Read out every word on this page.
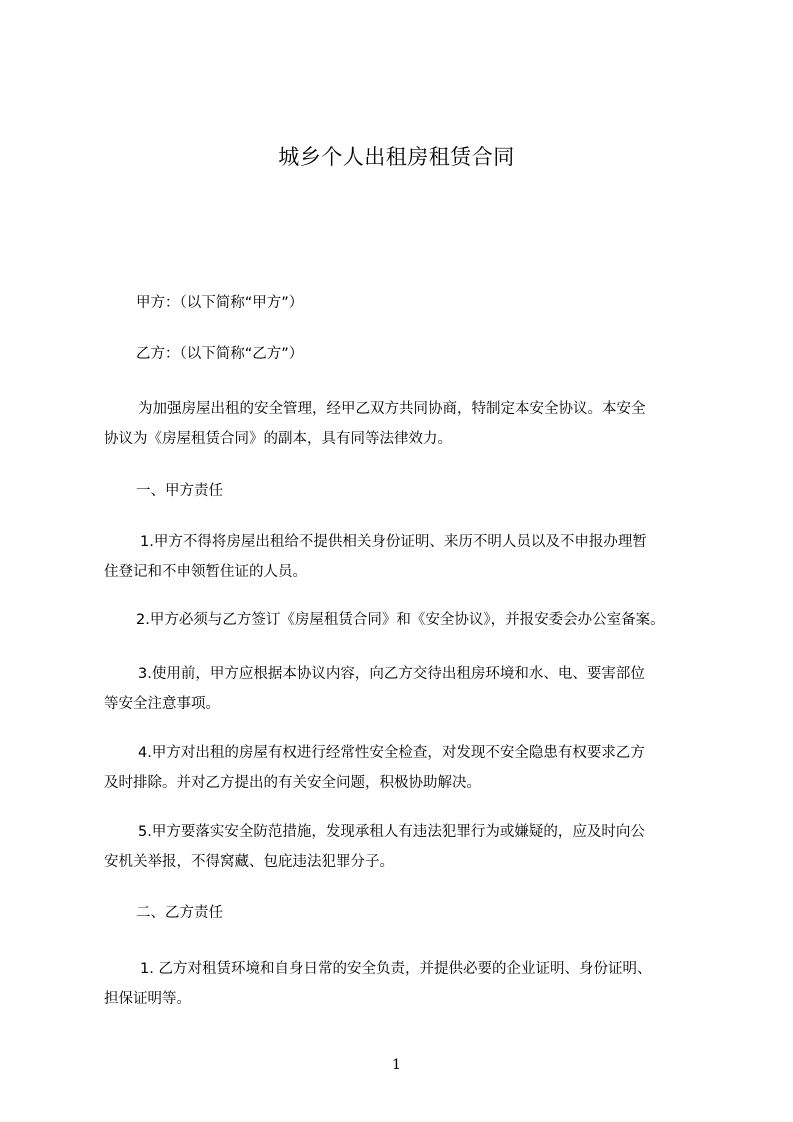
城乡个人出租房租赁合同
甲方：（以下简称“甲方”）
乙方：（以下简称“乙方”）
为加强房屋出租的安全管理，经甲乙双方共同协商，特制定本安全协议。本安全
协议为《房屋租赁合同》的副本，具有同等法律效力。
一、甲方责任
1.甲方不得将房屋出租给不提供相关身份证明、来历不明人员以及不申报办理暂
住登记和不申领暂住证的人员。
2.甲方必须与乙方签订《房屋租赁合同》和《安全协议》，并报安委会办公室备案。
3.使用前，甲方应根据本协议内容，向乙方交待出租房环境和水、电、要害部位
等安全注意事项。
4.甲方对出租的房屋有权进行经常性安全检查，对发现不安全隐患有权要求乙方
及时排除。并对乙方提出的有关安全问题，积极协助解决。
5.甲方要落实安全防范措施，发现承租人有违法犯罪行为或嫌疑的，应及时向公
安机关举报，不得窝藏、包庇违法犯罪分子。
二、乙方责任
1. 乙方对租赁环境和自身日常的安全负责，并提供必要的企业证明、身份证明、
担保证明等。
1
